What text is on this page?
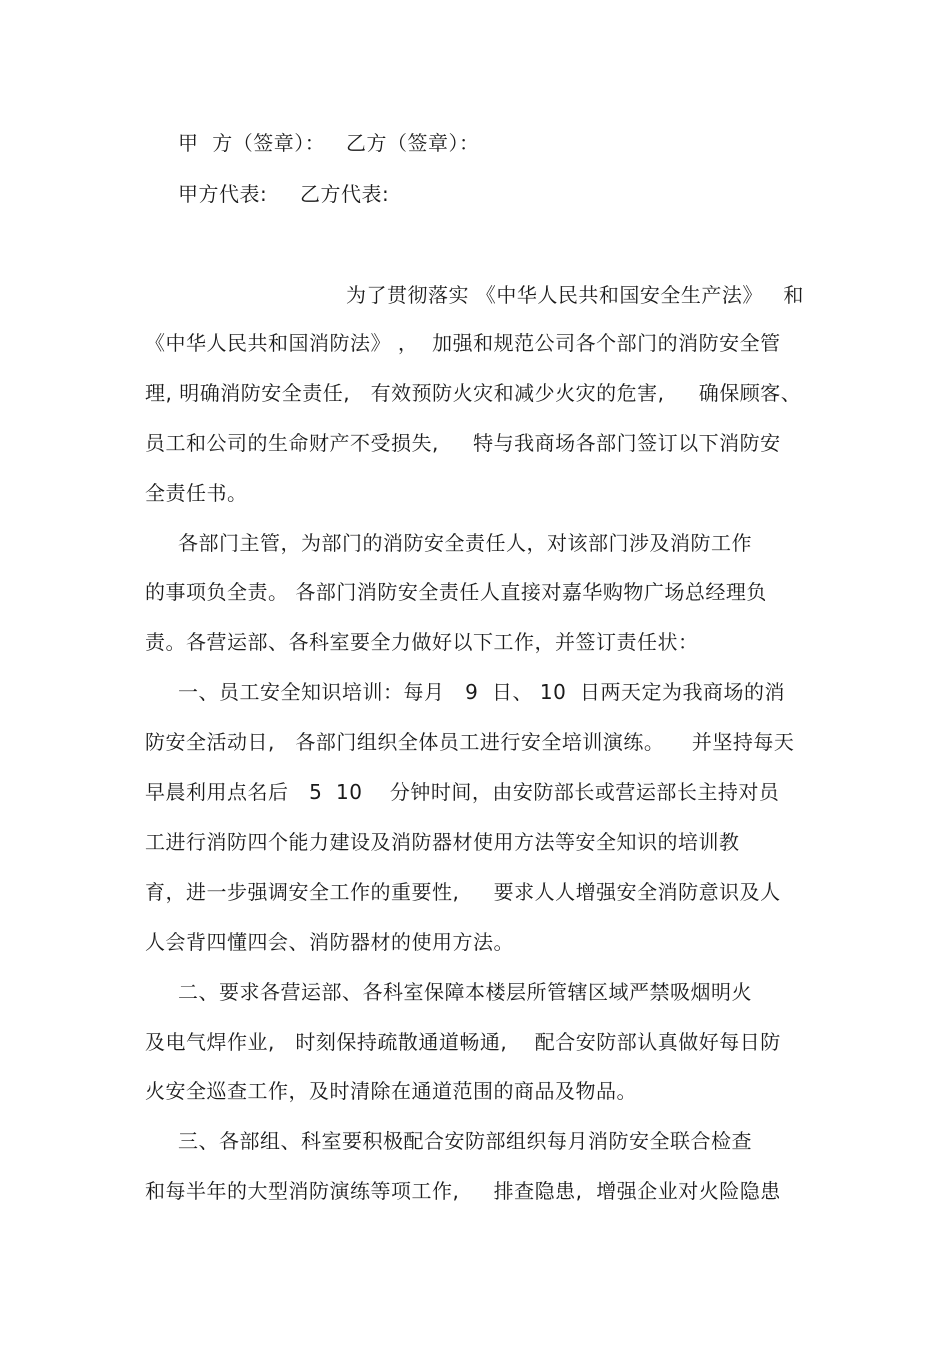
甲  方（签章）： 乙方（签章）：
甲方代表: 乙方代表:
为了贯彻落实 《中华人民共和国安全生产法》   和
《中华人民共和国消防法》 ，  加强和规范公司各个部门的消防安全管
理, 明确消防安全责任,   有效预防火灾和减少火灾的危害,     确保顾客、
员工和公司的生命财产不受损失,     特与我商场各部门签订以下消防安
全责任书。
各部门主管，为部门的消防安全责任人，对该部门涉及消防工作
的事项负全责。 各部门消防安全责任人直接对嘉华购物广场总经理负
责。各营运部、各科室要全力做好以下工作，并签订责任状：
一、员工安全知识培训：每月   9  日、 10  日两天定为我商场的消
防安全活动日,   各部门组织全体员工进行安全培训演练。    并坚持每天
早晨利用点名后   5  10    分钟时间，由安防部长或营运部长主持对员
工进行消防四个能力建设及消防器材使用方法等安全知识的培训教
育，进一步强调安全工作的重要性,     要求人人增强安全消防意识及人
人会背四懂四会、消防器材的使用方法。
二、要求各营运部、各科室保障本楼层所管辖区域严禁吸烟明火
及电气焊作业,   时刻保持疏散通道畅通,    配合安防部认真做好每日防
火安全巡查工作，及时清除在通道范围的商品及物品。
三、各部组、科室要积极配合安防部组织每月消防安全联合检查
和每半年的大型消防演练等项工作,     排查隐患,  增强企业对火险隐患
